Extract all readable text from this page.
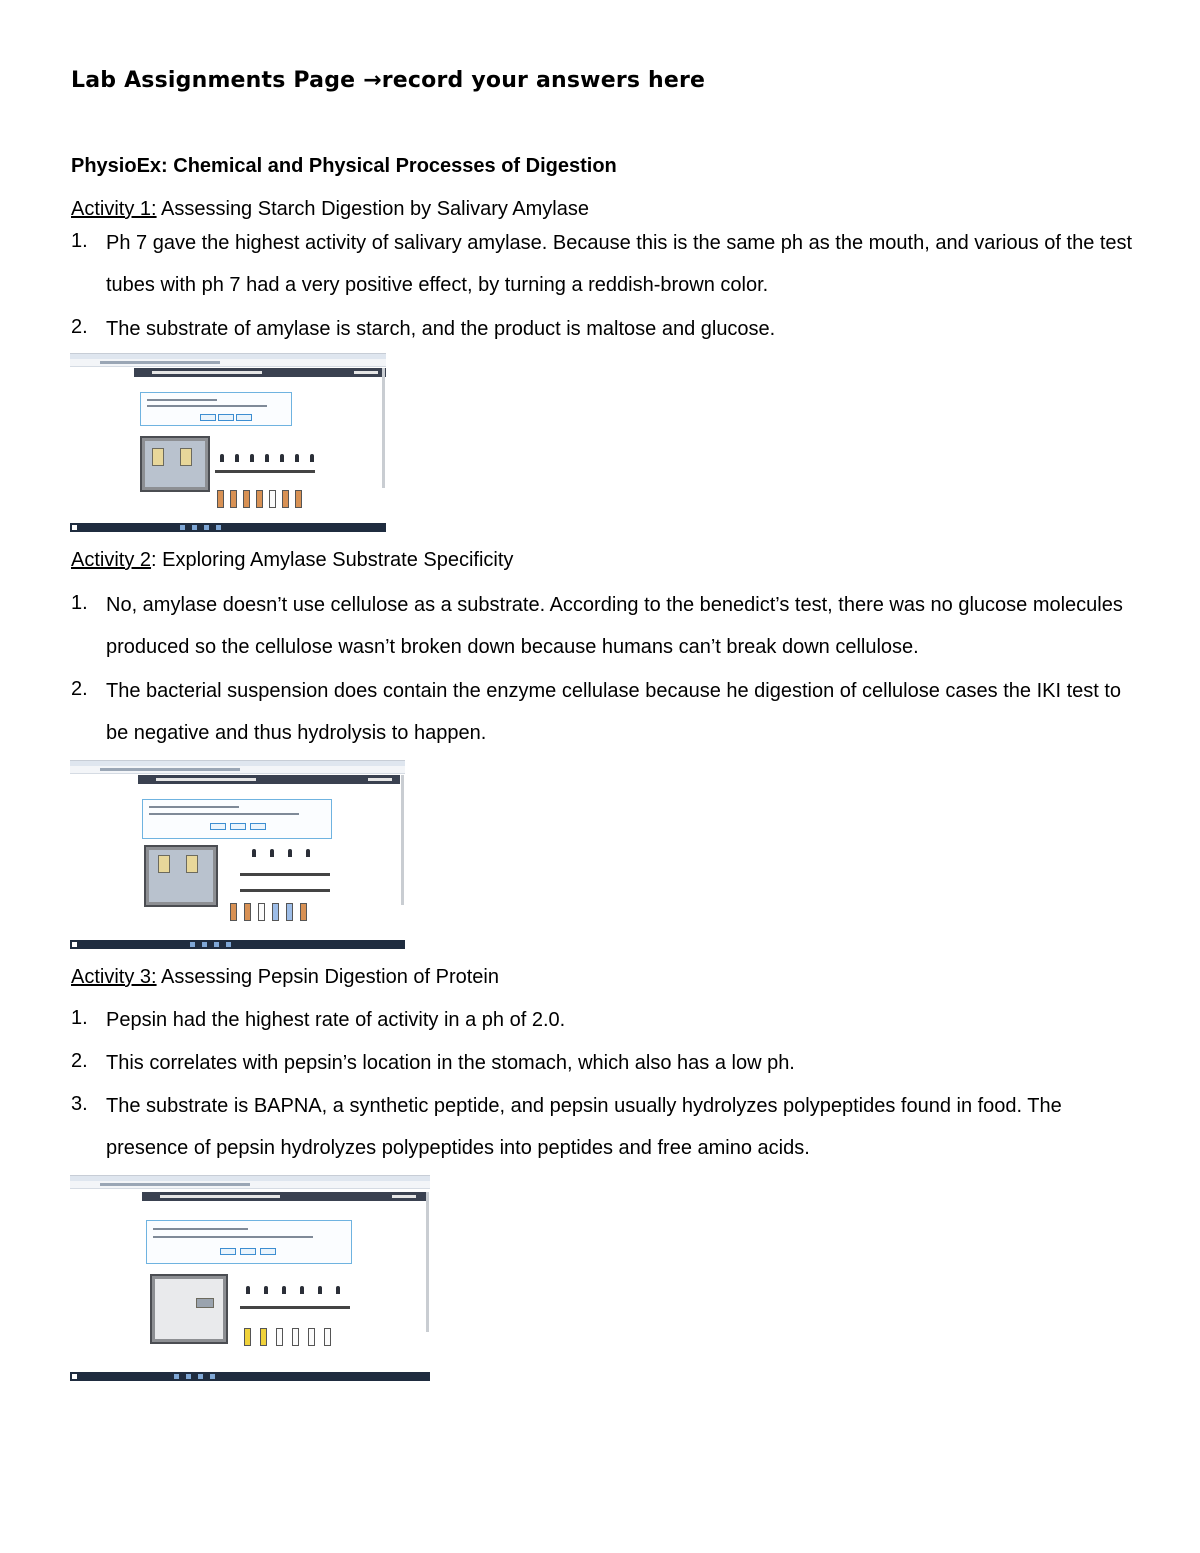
Lab Assignments Page →record your answers here
PhysioEx: Chemical and Physical Processes of Digestion
Activity 1: Assessing Starch Digestion by Salivary Amylase
1. Ph 7 gave the highest activity of salivary amylase. Because this is the same ph as the mouth, and various of the test tubes with ph 7 had a very positive effect, by turning a reddish-brown color.
2. The substrate of amylase is starch, and the product is maltose and glucose.
Activity 2: Exploring Amylase Substrate Specificity
1. No, amylase doesn’t use cellulose as a substrate. According to the benedict’s test, there was no glucose molecules produced so the cellulose wasn’t broken down because humans can’t break down cellulose.
2. The bacterial suspension does contain the enzyme cellulase because he digestion of cellulose cases the IKI test to be negative and thus hydrolysis to happen.
Activity 3: Assessing Pepsin Digestion of Protein
1. Pepsin had the highest rate of activity in a ph of 2.0.
2. This correlates with pepsin’s location in the stomach, which also has a low ph.
3. The substrate is BAPNA, a synthetic peptide, and pepsin usually hydrolyzes polypeptides found in food. The presence of pepsin hydrolyzes polypeptides into peptides and free amino acids.
